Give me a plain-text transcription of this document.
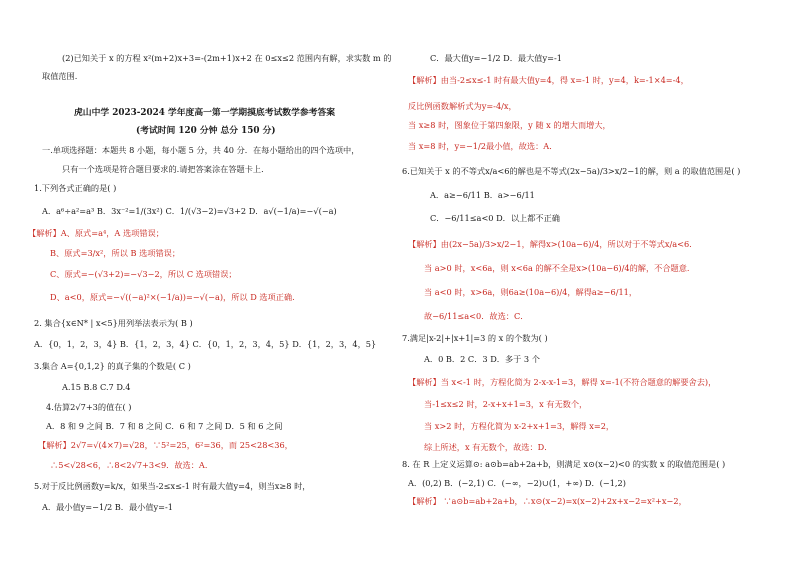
(2)已知关于 x 的方程 x²(m+2)x+3=-(2m+1)x+2 在 0≤x≤2 范围内有解，求实数 m 的
取值范围.
虎山中学 2023-2024 学年度高一第一学期摸底考试数学参考答案
(考试时间 120 分钟 总分 150 分)
一.单项选择题：本题共 8 小题，每小题 5 分，共 40 分．在每小题给出的四个选项中，
只有一个选项是符合题目要求的.请把答案涂在答题卡上．
1.下列各式正确的是( )
A．a⁶÷a²=a³ B．3x⁻²=1/(3x²) C．1/(√3−2)=√3+2 D．a√(−1/a)=−√(−a)
【解析】A、原式=a⁴，A 选项错误；
B、原式=3/x²，所以 B 选项错误；
C、原式=−(√3+2)=−√3−2，所以 C 选项错误；
D、a<0，原式=−√((−a)²×(−1/a))=−√(−a)，所以 D 选项正确.
2. 集合{x∈N* | x<5}用列举法表示为( B )
A．{0，1，2，3，4} B．{1，2，3，4} C．{0，1，2，3，4，5} D．{1，2，3，4，5}
3.集合 A={0,1,2} 的真子集的个数是( C )
A.15 B.8 C.7 D.4
4.估算2√7+3的值在( )
A．8 和 9 之间 B．7 和 8 之间 C．6 和 7 之间 D．5 和 6 之间
【解析】2√7=√(4×7)=√28，∵5²=25，6²=36，而 25<28<36，
∴5<√28<6，∴8<2√7+3<9．故选：A．
5.对于反比例函数y=k/x，如果当-2≤x≤-1 时有最大值y=4，则当x≥8 时，
A．最小值y=−1/2 B．最小值y=-1
C．最大值y=−1/2 D．最大值y=-1
【解析】由当-2≤x≤-1 时有最大值y=4，得 x=-1 时，y=4，k=-1×4=-4，
反比例函数解析式为y=-4/x，
当 x≥8 时，图象位于第四象限，y 随 x 的增大而增大，
当 x=8 时，y=−1/2最小值，故选：A．
6.已知关于 x 的不等式x/a<6的解也是不等式(2x−5a)/3>x/2−1的解，则 a 的取值范围是( )
A．a≥−6/11 B．a>−6/11
C．−6/11≤a<0 D．以上都不正确
【解析】由(2x−5a)/3>x/2−1，解得x>(10a−6)/4，所以对于不等式x/a<6.
当 a>0 时，x<6a，则 x<6a 的解不全是x>(10a−6)/4的解，不合题意.
当 a<0 时，x>6a，则6a≥(10a−6)/4，解得a≥−6/11，
故−6/11≤a<0．故选：C．
7.满足|x-2|+|x+1|=3 的 x 的个数为( )
A．0 B．2 C．3 D．多于 3 个
【解析】当 x<-1 时，方程化简为 2-x-x-1=3，解得 x=-1(不符合题意的解要舍去)，
当-1≤x≤2 时，2-x+x+1=3，x 有无数个，
当 x>2 时，方程化简为 x-2+x+1=3，解得 x=2，
综上所述，x 有无数个，故选：D．
8. 在 R 上定义运算⊙: a⊙b=ab+2a+b，则满足 x⊙(x−2)<0 的实数 x 的取值范围是( )
A．(0,2) B．(−2,1) C．(−∞，−2)∪(1，+∞) D．(−1,2)
【解析】 ∵a⊙b=ab+2a+b，∴x⊙(x−2)=x(x−2)+2x+x−2=x²+x−2，
